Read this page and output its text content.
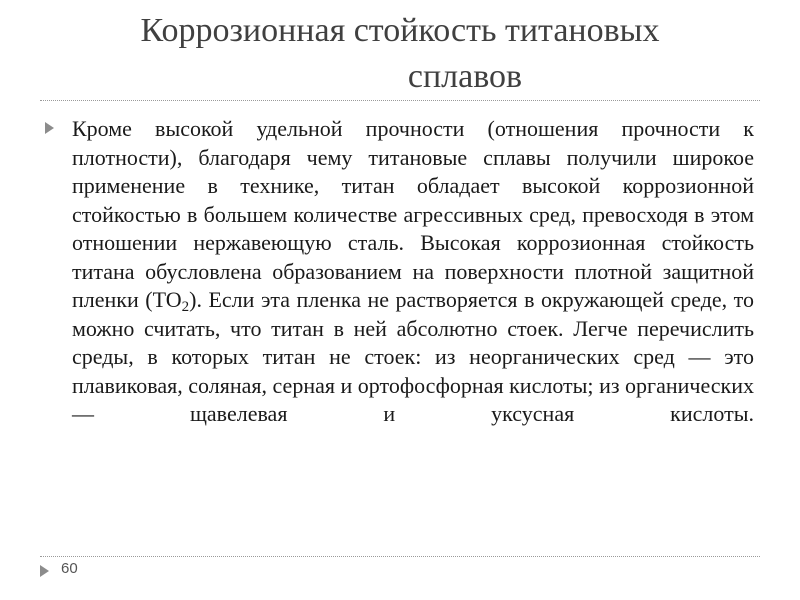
Коррозионная стойкость титановых
сплавов

Кроме высокой удельной прочности (отношения прочности к плотности), благодаря чему титановые сплавы получили широкое применение в технике, титан обладает высокой коррозионной стойкостью в большем количестве агрессивных сред, превосходя в этом отношении нержавеющую сталь. Высокая коррозионная стойкость титана обусловлена образованием на поверхности плотной защитной пленки $(ТО_2)$. Если эта пленка не растворяется в окружающей среде, то можно считать, что титан в ней абсолютно стоек. Легче перечислить среды, в которых титан не стоек: из неорганических сред — это плавиковая, соляная, серная и ортофосфорная кислоты; из органических — щавелевая и уксусная кислоты.

60
